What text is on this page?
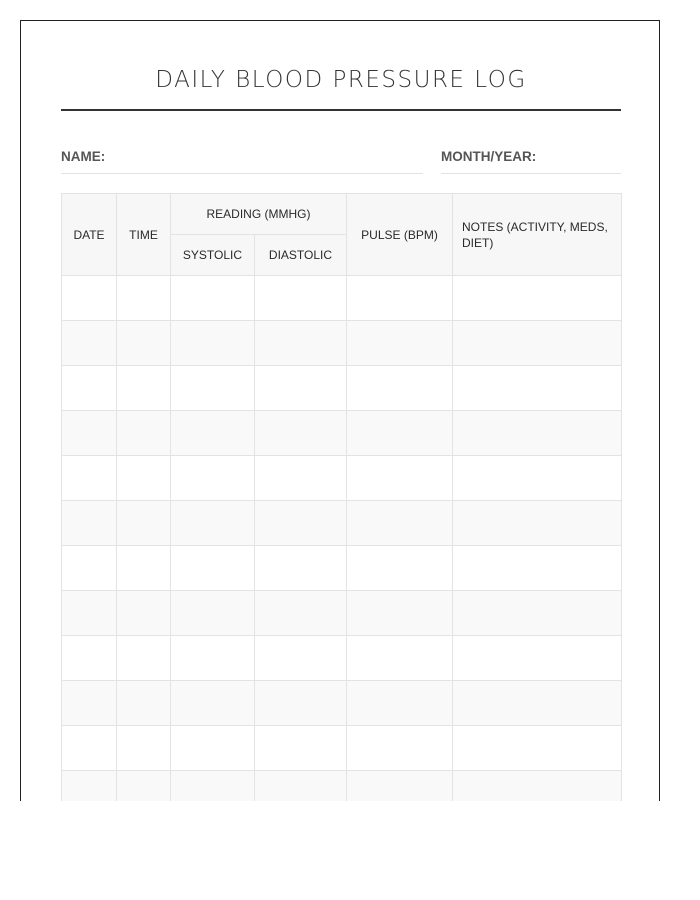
DAILY BLOOD PRESSURE LOG
NAME:	MONTH/YEAR:
DATE	TIME	READING (MMHG)		PULSE (BPM)	NOTES (ACTIVITY, MEDS, DIET)
		SYSTOLIC	DIASTOLIC		
